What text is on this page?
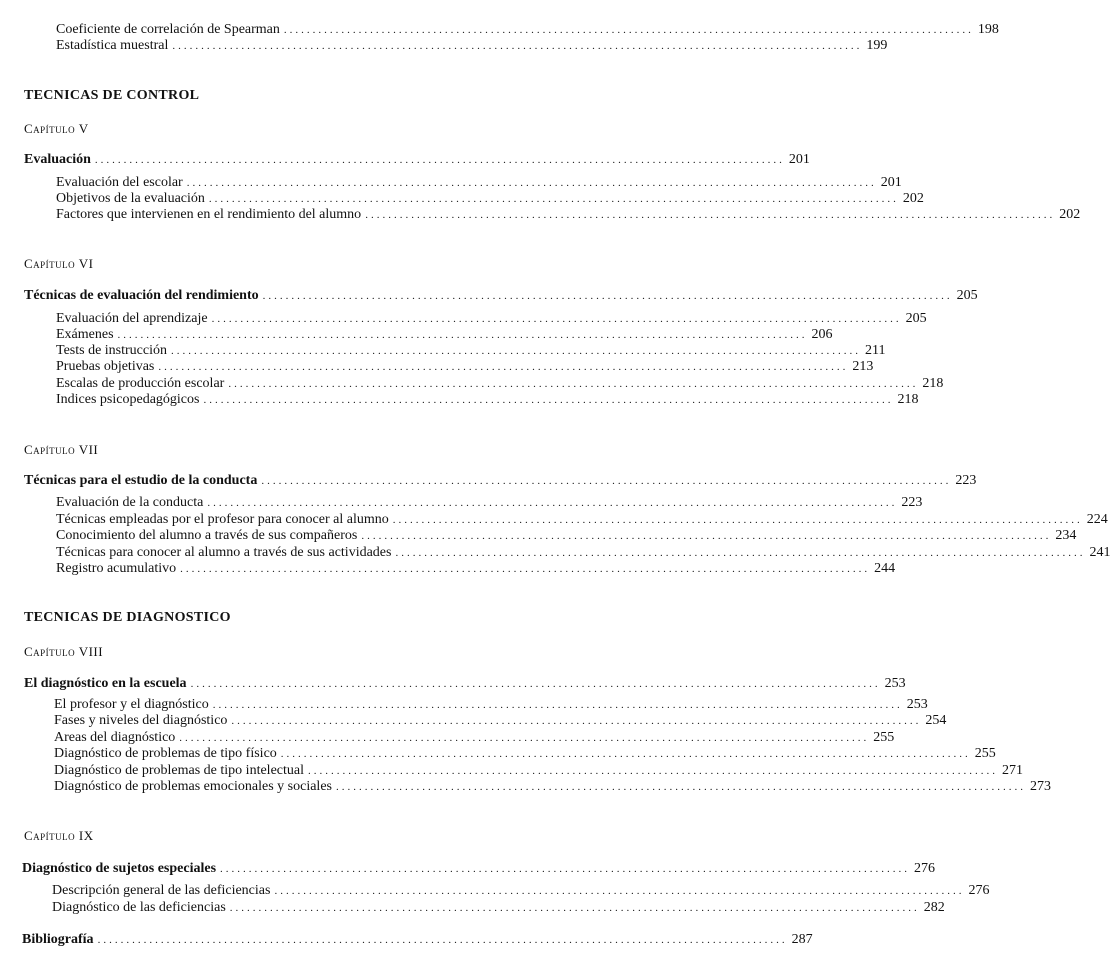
TECNICAS DE CONTROL
TECNICAS DE DIAGNOSTICO
Capítulo V
Capítulo VI
Capítulo VII
Capítulo VIII
Capítulo IX
Coeficiente de correlación de Spearman ........................................................................................................................ 198
Estadística muestral ........................................................................................................................ 199
Evaluación ........................................................................................................................ 201
Evaluación del escolar ........................................................................................................................ 201
Objetivos de la evaluación ........................................................................................................................ 202
Factores que intervienen en el rendimiento del alumno ........................................................................................................................ 202
Técnicas de evaluación del rendimiento ........................................................................................................................ 205
Evaluación del aprendizaje ........................................................................................................................ 205
Exámenes ........................................................................................................................ 206
Tests de instrucción ........................................................................................................................ 211
Pruebas objetivas ........................................................................................................................ 213
Escalas de producción escolar ........................................................................................................................ 218
Indices psicopedagógicos ........................................................................................................................ 218
Técnicas para el estudio de la conducta ........................................................................................................................ 223
Evaluación de la conducta ........................................................................................................................ 223
Técnicas empleadas por el profesor para conocer al alumno ........................................................................................................................ 224
Conocimiento del alumno a través de sus compañeros ........................................................................................................................ 234
Técnicas para conocer al alumno a través de sus actividades ........................................................................................................................ 241
Registro acumulativo ........................................................................................................................ 244
El diagnóstico en la escuela ........................................................................................................................ 253
El profesor y el diagnóstico ........................................................................................................................ 253
Fases y niveles del diagnóstico ........................................................................................................................ 254
Areas del diagnóstico ........................................................................................................................ 255
Diagnóstico de problemas de tipo físico ........................................................................................................................ 255
Diagnóstico de problemas de tipo intelectual ........................................................................................................................ 271
Diagnóstico de problemas emocionales y sociales ........................................................................................................................ 273
Diagnóstico de sujetos especiales ........................................................................................................................ 276
Descripción general de las deficiencias ........................................................................................................................ 276
Diagnóstico de las deficiencias ........................................................................................................................ 282
Bibliografía ........................................................................................................................ 287
